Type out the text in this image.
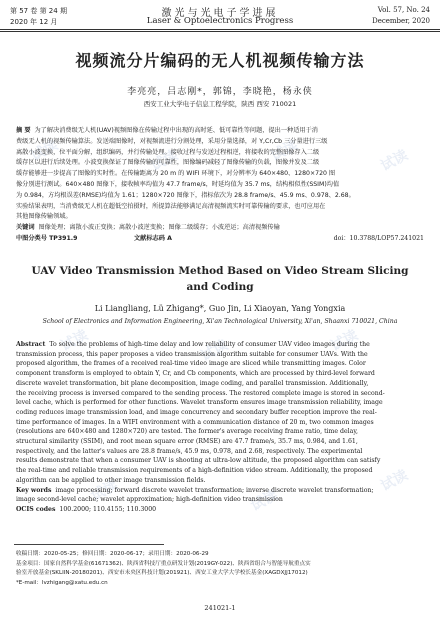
试读	试读	试读	试读
试读	试读	试读
试读	试读
试读
第 57 卷 第 24 期
2020 年 12 月
激光与光电子学进展
Laser & Optoelectronics Progress
Vol. 57, No. 24
December, 2020
视频流分片编码的无人机视频传输方法
李亮亮，吕志刚*，郭锦，李晓艳，杨永侠
西安工业大学电子信息工程学院，陕西 西安 710021
摘 要 为了解决消费级无人机(UAV)视频图像在传输过程中出现的高时延、低可靠性等问题，提出一种适用于消
费级无人机的视频传输算法。发送端图像时，对视频流进行分割处理，采用分量选择，对 Y,Cr,Cb 三分量进行三级
离散小波变换，位平面分解，组织编码，并行传输处理。接收过程与发送过程相逆，将接收的完整图像存入二级
缓存区以进行后续处理。小波变换保证了图像传输的可靠性，图像编码减轻了图像传输的负载，图像并发及二级
缓存能够进一步提高了图像的实时性。在传输距离为 20 m 的 WIFI 环境下，对分辨率为 640×480、1280×720 图
像分别进行测试。640×480 图像下，接收帧率均值为 47.7 frame/s，时延均值为 35.7 ms，结构相似性(SSIM)均值
为 0.984，方均根误差(RMSE)均值为 1.61；1280×720 图像下，指标依次为 28.8 frame/s、45.9 ms、0.978、2.68。
实验结果表明，当消费级无人机在超低空拍摄时，所提算法能够满足高清视频流实时可靠传输的要求，也可应用在
其他图像传输领域。
关键词 图像处理；离散小波正变换；离散小波逆变换；图像二级缓存；小波逆运；高清视频传输
中图分类号 TP391.9	文献标志码 A	doi：10.3788/LOP57.241021
UAV Video Transmission Method Based on Video Stream Slicing
and Coding
Li Liangliang, Lü Zhigang*, Guo Jin, Li Xiaoyan, Yang Yongxia
School of Electronics and Information Engineering, Xi'an Technological University, Xi'an, Shaanxi 710021, China
Abstract To solve the problems of high-time delay and low reliability of consumer UAV video images during the
transmission process, this paper proposes a video transmission algorithm suitable for consumer UAVs. With the
proposed algorithm, the frames of a received real-time video image are sliced while transmitting images. Color
component transform is employed to obtain Y, Cr, and Cb components, which are processed by third-level forward
discrete wavelet transformation, bit plane decomposition, image coding, and parallel transmission. Additionally,
the receiving process is inversed compared to the sending process. The restored complete image is stored in second-
level cache, which is performed for other functions. Wavelet transform ensures image transmission reliability, image
coding reduces image transmission load, and image concurrency and secondary buffer reception improve the real-
time performance of images. In a WIFI environment with a communication distance of 20 m, two common images
(resolutions are 640×480 and 1280×720) are tested. The former's average receiving frame ratio, time delay,
structural similarity (SSIM), and root mean square error (RMSE) are 47.7 frame/s, 35.7 ms, 0.984, and 1.61,
respectively, and the latter's values are 28.8 frame/s, 45.9 ms, 0.978, and 2.68, respectively. The experimental
results demonstrate that when a consumer UAV is shooting at ultra-low altitude, the proposed algorithm can satisfy
the real-time and reliable transmission requirements of a high-definition video stream. Additionally, the proposed
algorithm can be applied to other image transmission fields.
Key words image processing; forward discrete wavelet transformation; inverse discrete wavelet transformation;
image second-level cache; wavelet approximation; high-definition video transmission
OCIS codes 100.2000; 110.4155; 110.3000
收稿日期：2020-05-25；修回日期：2020-06-17；录用日期：2020-06-29
基金项目：国家自然科学基金(61671362)、陕西省科技厅重点研发计划(2019GY-022)、陕西省组合与智能导航重点实
验室开放基金(SKLIIN-20180201)、西安市未央区科技计划(201921)、西安工业大学大学校长基金(XAGDXJJ17012)
*E-mail：lvzhigang@xatu.edu.cn
241021-1
